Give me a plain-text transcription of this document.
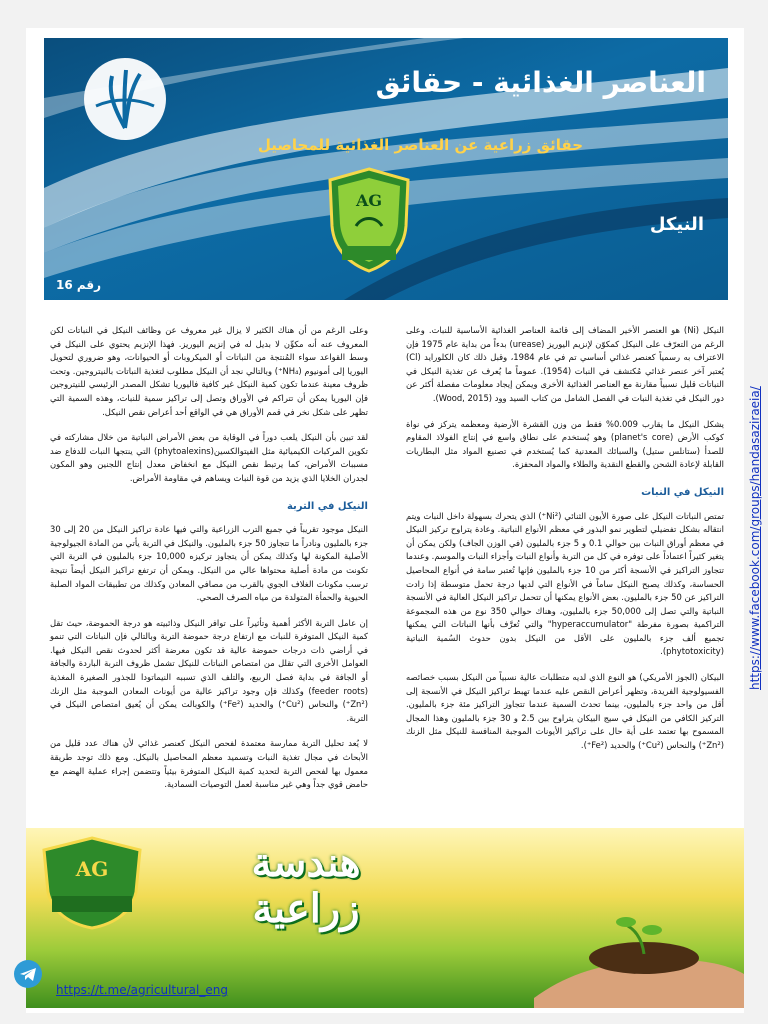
العناصر الغذائية - حقائق
حقائق زراعية عن العناصر الغذائية للمحاصيل
AG
النيكل
رقم 16

النيكل (Ni) هو العنصر الأخير المضاف إلى قائمة العناصر الغذائية الأساسية للنبات. وعلى الرغم من التعرّف على النيكل كمكوّن لإنزيم اليوريز (urease) بدءاً من بداية عام 1975 فإن الاعتراف به رسمياً كعنصر غذائي أساسي تم في عام 1984، وقبل ذلك كان الكلورايد (Cl) يُعتبر آخر عنصر غذائي مُكتشف في النبات (1954). عموماً ما يُعرف عن تغذية النيكل في النباتات قليل نسبياً مقارنة مع العناصر الغذائية الأخرى ويمكن إيجاد معلومات مفصلة أكثر عن دور النيكل في تغذية النبات في الفصل الشامل من كتاب السيد وود (Wood, 2015).

يشكل النيكل ما يقارب 0.009% فقط من وزن القشرة الأرضية ومعظمه يتركز في نواة كوكب الأرض (planet's core) وهو يُستخدم على نطاق واسع في إنتاج الفولاذ المقاوم للصدأ (ستانلس ستيل) والسبائك المعدنية كما يُستخدم في تصنيع المواد مثل البطاريات القابلة لإعادة الشحن والقطع النقدية والطلاء والمواد المحفزة.

النيكل في النبات

تمتص النباتات النيكل على صورة الأيون الثنائي (Ni²⁺) الذي يتحرك بسهولة داخل النبات ويتم انتقاله بشكل تفضيلي لتطوير نمو البذور في معظم الأنواع النباتية. وعادة يتراوح تركيز النيكل في معظم أوراق النبات بين حوالي 0.1 و 5 جزء بالمليون (في الوزن الجاف) ولكن يمكن أن يتغير كثيراً اعتماداً على توفره في كل من التربة وأنواع النبات وأجزاء النبات والموسم. وعندما تتجاوز التراكيز في الأنسجة أكثر من 10 جزء بالمليون فإنها تُعتبر سامة في أنواع المحاصيل الحساسة، وكذلك يصبح النيكل ساماً في الأنواع التي لديها درجة تحمل متوسطة إذا زادت التراكيز عن 50 جزء بالمليون. بعض الأنواع يمكنها أن تتحمل تراكيز النيكل العالية في الأنسجة النباتية والتي تصل إلى 50,000 جزء بالمليون، وهناك حوالي 350 نوع من هذه المجموعة التراكمية بصورة مفرطة "hyperaccumulator" والتي تُعرَّف بأنها النباتات التي يمكنها تجميع ألف جزء بالمليون على الأقل من النيكل بدون حدوث السُمية النباتية (phytotoxicity).

البيكان (الجوز الأمريكي) هو النوع الذي لديه متطلبات عالية نسبياً من النيكل بسبب خصائصه الفسيولوجية الفريدة، وتظهر أعراض النقص عليه عندما تهبط تراكيز النيكل في الأنسجة إلى أقل من واحد جزء بالمليون، بينما تحدث السمية عندما تتجاوز التراكيز مئة جزء بالمليون. التركيز الكافي من النيكل في سيج البيكان يتراوح بين 2.5 و 30 جزء بالمليون وهذا المجال المسموح بها تعتمد على أية حال على تراكيز الأيونات الموجبة المنافسة للنيكل مثل الزنك (Zn²⁺) والنحاس (Cu²⁺) والحديد (Fe²⁺).

وعلى الرغم من أن هناك الكثير لا يزال غير معروف عن وظائف النيكل في النباتات لكن المعروف عنه أنه مكوِّن لا بديل له في إنزيم اليوريز. فهذا الإنزيم يحتوي على النيكل في وسط القواعد سواء المُنتجة من النباتات أو الميكروبات أو الحيوانات، وهو ضروري لتحويل اليوريا إلى أمونيوم (NH₄⁺) وبالتالي نجد أن النيكل مطلوب لتغذية النباتات بالنيتروجين. وتحت ظروف معينة عندما تكون كمية النيكل غير كافية فاليوريا تشكل المصدر الرئيسي للنيتروجين فإن اليوريا يمكن أن تتراكم في الأوراق وتصل إلى تراكيز سمية للنبات، وهذه السمية التي تظهر على شكل نخر في قمم الأوراق هي في الواقع أحد أعراض نقص النيكل.

لقد تبين بأن النيكل يلعب دوراً في الوقاية من بعض الأمراض النباتية من خلال مشاركته في تكوين المركبات الكيميائية مثل الفيتوالكسين(phytoalexins) التي ينتجها النبات للدفاع ضد مسببات الأمراض، كما يرتبط نقص النيكل مع انخفاض معدل إنتاج اللجنين وهو المكون لجدران الخلايا الذي يزيد من قوة النبات ويساهم في مقاومة الأمراض.

النيكل في التربة

النيكل موجود تقريباً في جميع الترب الزراعية والتي فيها عادة تراكيز النيكل من 20 إلى 30 جزء بالمليون ونادراً ما تتجاوز 50 جزء بالمليون. والنيكل في التربة يأتي من المادة الجيولوجية الأصلية المكونة لها وكذلك يمكن أن يتجاوز تركيزه 10,000 جزء بالمليون في التربة التي تكونت من مادة أصلية محتواها عالي من النيكل. ويمكن أن ترتفع تراكيز النيكل أيضاً نتيجة ترسب مكونات الغلاف الجوي بالقرب من مصافي المعادن وكذلك من تطبيقات المواد الصلبة الحيوية والحمأة المتولدة من مياه الصرف الصحي.

إن عامل التربة الأكثر أهمية وتأثيراً على توافر النيكل وذائبيته هو درجة الحموضة، حيث تقل كمية النيكل المتوفرة للنبات مع ارتفاع درجة حموضة التربة وبالتالي فإن النباتات التي تنمو في أراضي ذات درجات حموضة عالية قد تكون معرضة أكثر لحدوث نقص النيكل فيها. العوامل الأخرى التي تقلل من امتصاص النباتات للنيكل تشمل ظروف التربة الباردة والجافة أو الجافة في بداية فصل الربيع، والتلف الذي تسببه النيماتودا للجذور الصغيرة المغذية (feeder roots) وكذلك فإن وجود تراكيز عالية من أيونات المعادن الموجبة مثل الزنك (Zn²⁺) والنحاس (Cu²⁺) والحديد (Fe²⁺) والكوبالت يمكن أن يُعيق امتصاص النيكل في التربة.

لا يُعد تحليل التربة ممارسة معتمدة لفحص النيكل كعنصر غذائي لأن هناك عدد قليل من الأبحاث في مجال تغذية النبات وتسميد معظم المحاصيل بالنيكل. ومع ذلك توجد طريقة معمول بها لفحص التربة لتحديد كمية النيكل المتوفرة بيئياً وتتضمن إجراء عملية الهضم مع حامض قوي جداً وهي غير مناسبة لعمل التوصيات السمادية.

AG	هندسة
زراعية
https://t.me/agricultural_eng
https://www.facebook.com/groups/handasaziraeia/
